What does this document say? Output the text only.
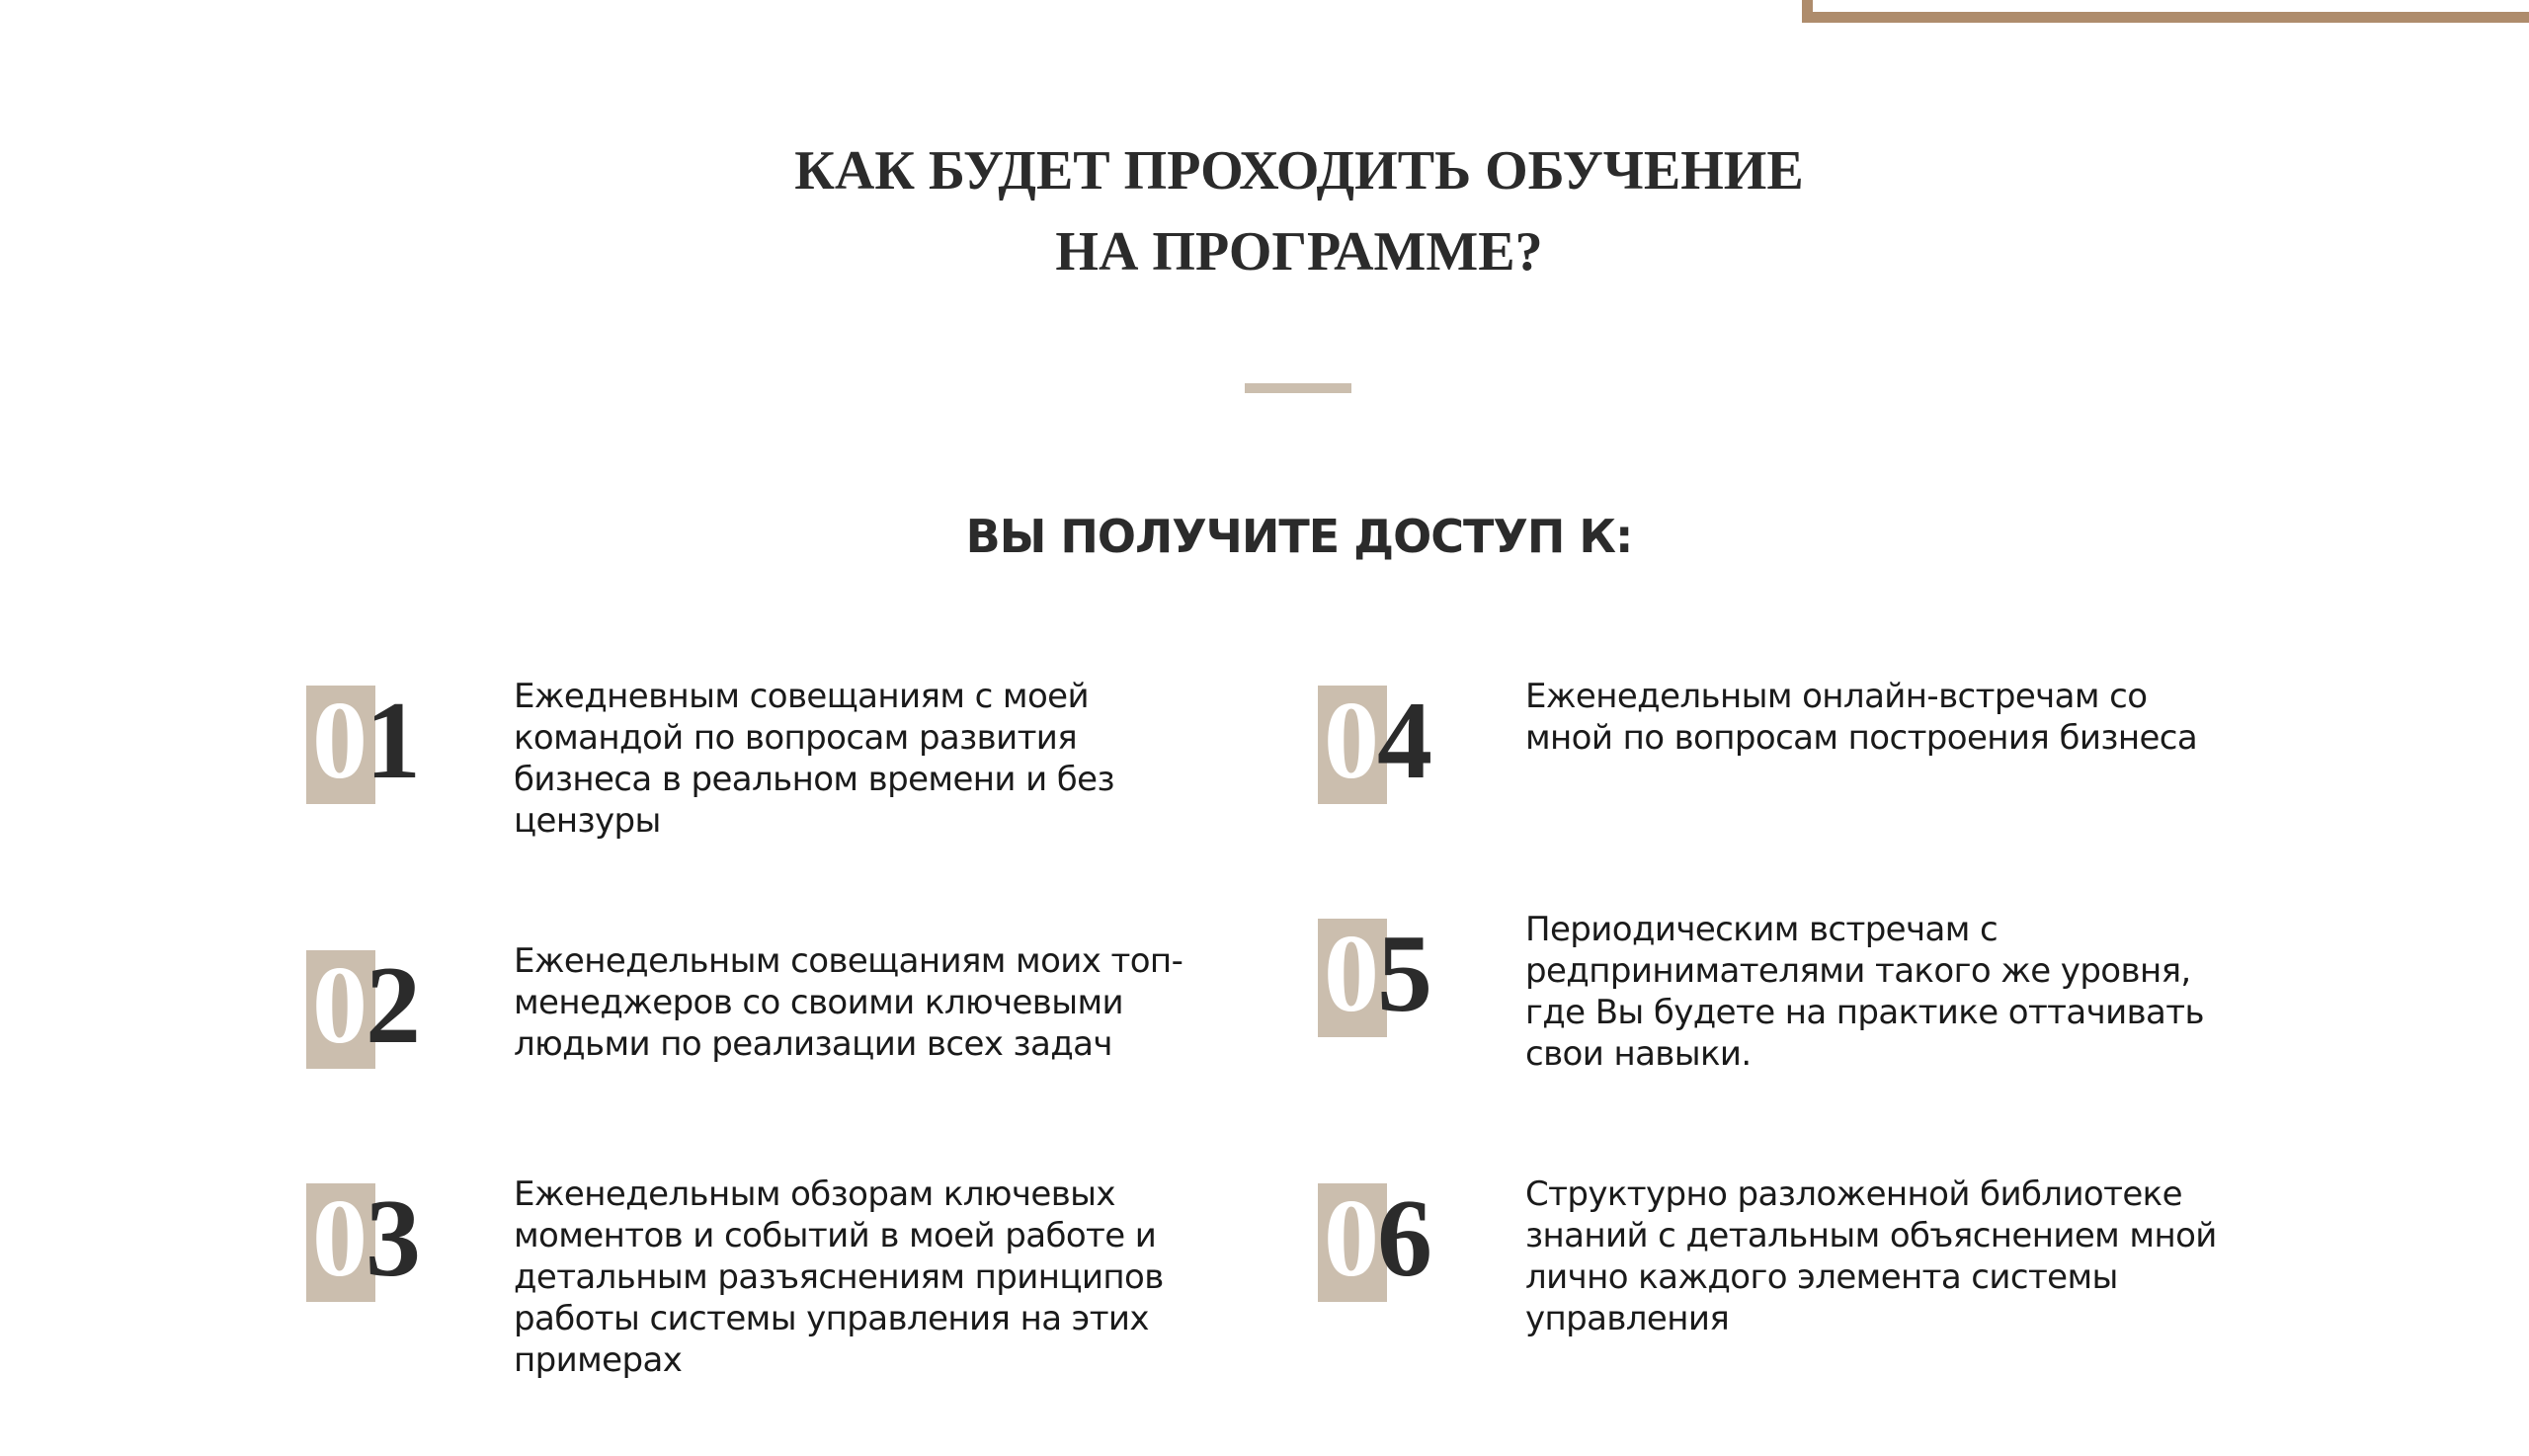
КАК БУДЕТ ПРОХОДИТЬ ОБУЧЕНИЕ
НА ПРОГРАММЕ?
ВЫ ПОЛУЧИТЕ ДОСТУП К:
01	Ежедневным совещаниям с моей командой по вопросам развития бизнеса в реальном времени и без цензуры

02	Еженедельным совещаниям моих топ-менеджеров со своими ключевыми людьми по реализации всех задач

03	Еженедельным обзорам ключевых моментов и событий в моей работе и детальным разъяснениям принципов работы системы управления на этих примерах

04	Еженедельным онлайн-встречам со мной по вопросам построения бизнеса

05	Периодическим встречам с редпринимателями такого же уровня, где Вы будете на практике оттачивать свои навыки.

06	Структурно разложенной библиотеке знаний с детальным объяснением мной лично каждого элемента системы управления
